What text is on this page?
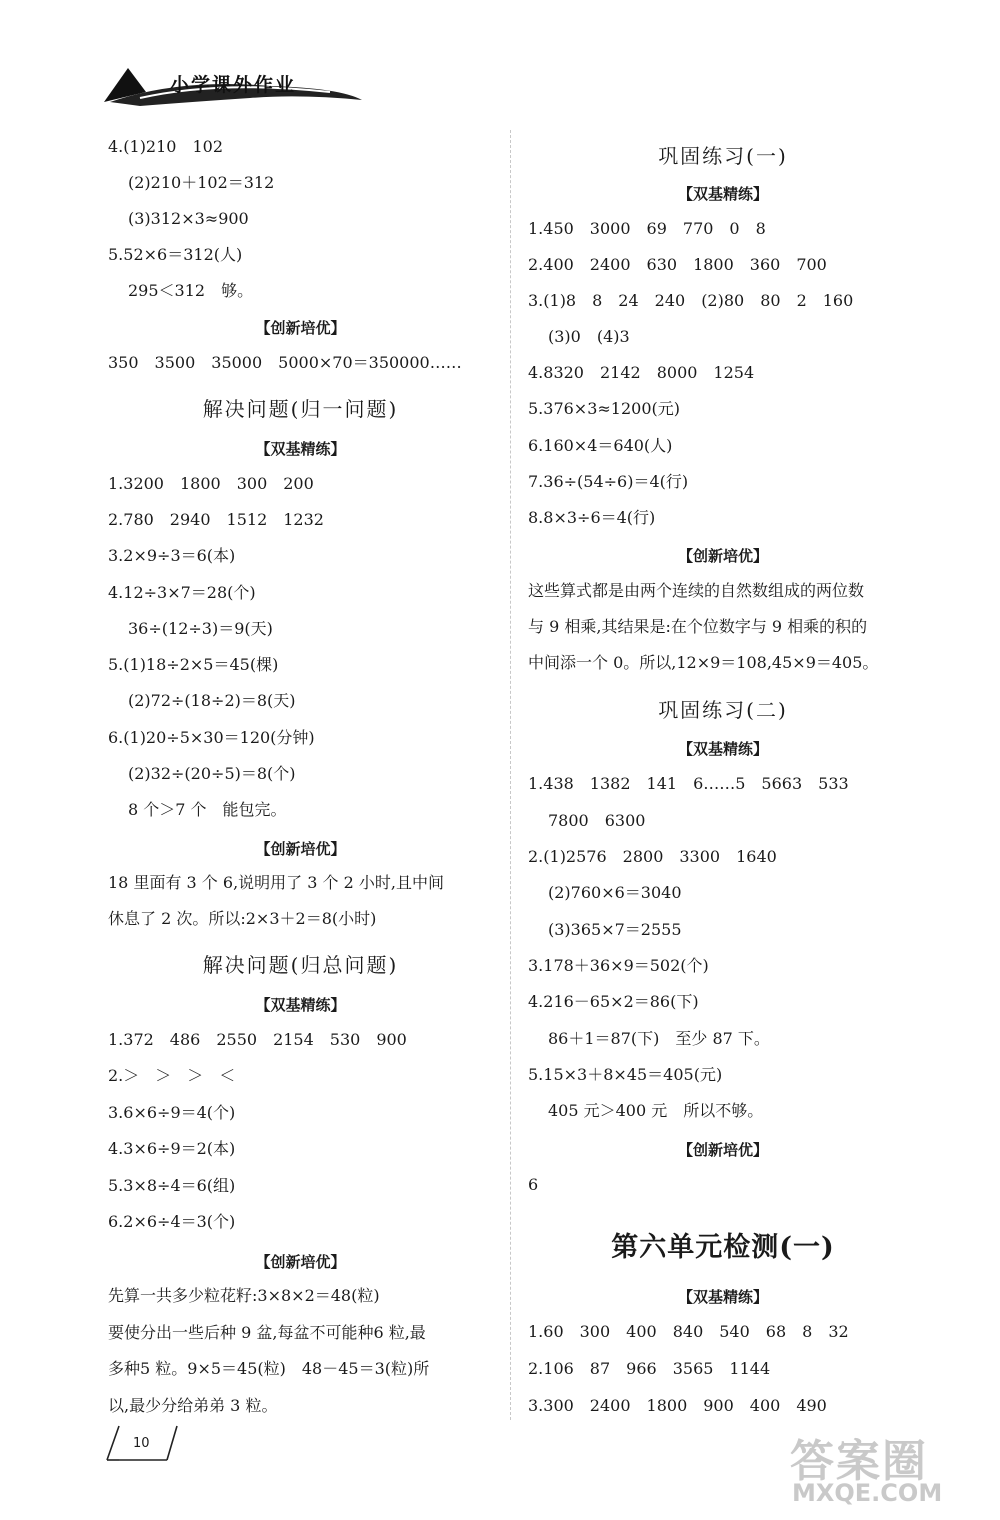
小学课外作业
4.(1)210　102
(2)210＋102＝312
(3)312×3≈900
5.52×6＝312(人)
295＜312　够。
【创新培优】
350　3500　35000　5000×70＝350000……
解决问题(归一问题)
【双基精练】
1.3200　1800　300　200
2.780　2940　1512　1232
3.2×9÷3＝6(本)
4.12÷3×7＝28(个)
36÷(12÷3)＝9(天)
5.(1)18÷2×5＝45(棵)
(2)72÷(18÷2)＝8(天)
6.(1)20÷5×30＝120(分钟)
(2)32÷(20÷5)＝8(个)
8 个＞7 个　能包完。
【创新培优】
18 里面有 3 个 6,说明用了 3 个 2 小时,且中间
休息了 2 次。所以:2×3＋2＝8(小时)
解决问题(归总问题)
【双基精练】
1.372　486　2550　2154　530　900
2.＞　＞　＞　＜
3.6×6÷9＝4(个)
4.3×6÷9＝2(本)
5.3×8÷4＝6(组)
6.2×6÷4＝3(个)
【创新培优】
先算一共多少粒花籽:3×8×2＝48(粒)
要使分出一些后种 9 盆,每盆不可能种6 粒,最
多种5 粒。9×5＝45(粒)　48－45＝3(粒)所
以,最少分给弟弟 3 粒。
巩固练习(一)
【双基精练】
1.450　3000　69　770　0　8
2.400　2400　630　1800　360　700
3.(1)8　8　24　240　(2)80　80　2　160
(3)0　(4)3
4.8320　2142　8000　1254
5.376×3≈1200(元)
6.160×4＝640(人)
7.36÷(54÷6)＝4(行)
8.8×3÷6＝4(行)
【创新培优】
这些算式都是由两个连续的自然数组成的两位数
与 9 相乘,其结果是:在个位数字与 9 相乘的积的
中间添一个 0。所以,12×9＝108,45×9＝405。
巩固练习(二)
【双基精练】
1.438　1382　141　6……5　5663　533
7800　6300
2.(1)2576　2800　3300　1640
(2)760×6＝3040
(3)365×7＝2555
3.178＋36×9＝502(个)
4.216－65×2＝86(下)
86＋1＝87(下)　至少 87 下。
5.15×3＋8×45＝405(元)
405 元＞400 元　所以不够。
【创新培优】
6
第六单元检测(一)
【双基精练】
1.60　300　400　840　540　68　8　32
2.106　87　966　3565　1144
3.300　2400　1800　900　400　490
10	答案圈
MXQE.COM
